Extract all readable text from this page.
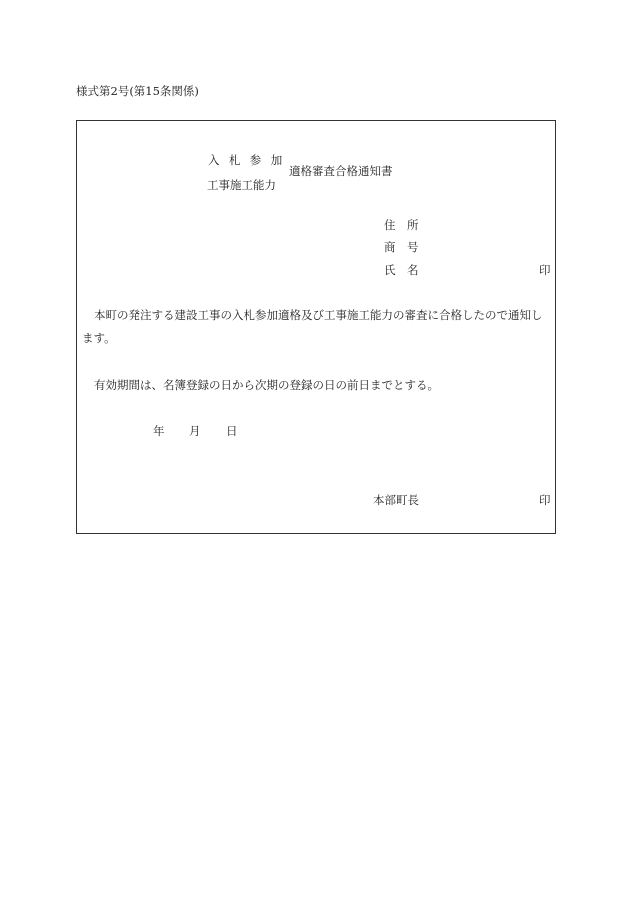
様式第2号(第15条関係)
入 札 参 加
工事施工能力
適格審査合格通知書
住　所
商　号
氏　名	印
本町の発注する建設工事の入札参加適格及び工事施工能力の審査に合格したので通知します。
有効期間は、名簿登録の日から次期の登録の日の前日までとする。
年 月 日
本部町長	印
